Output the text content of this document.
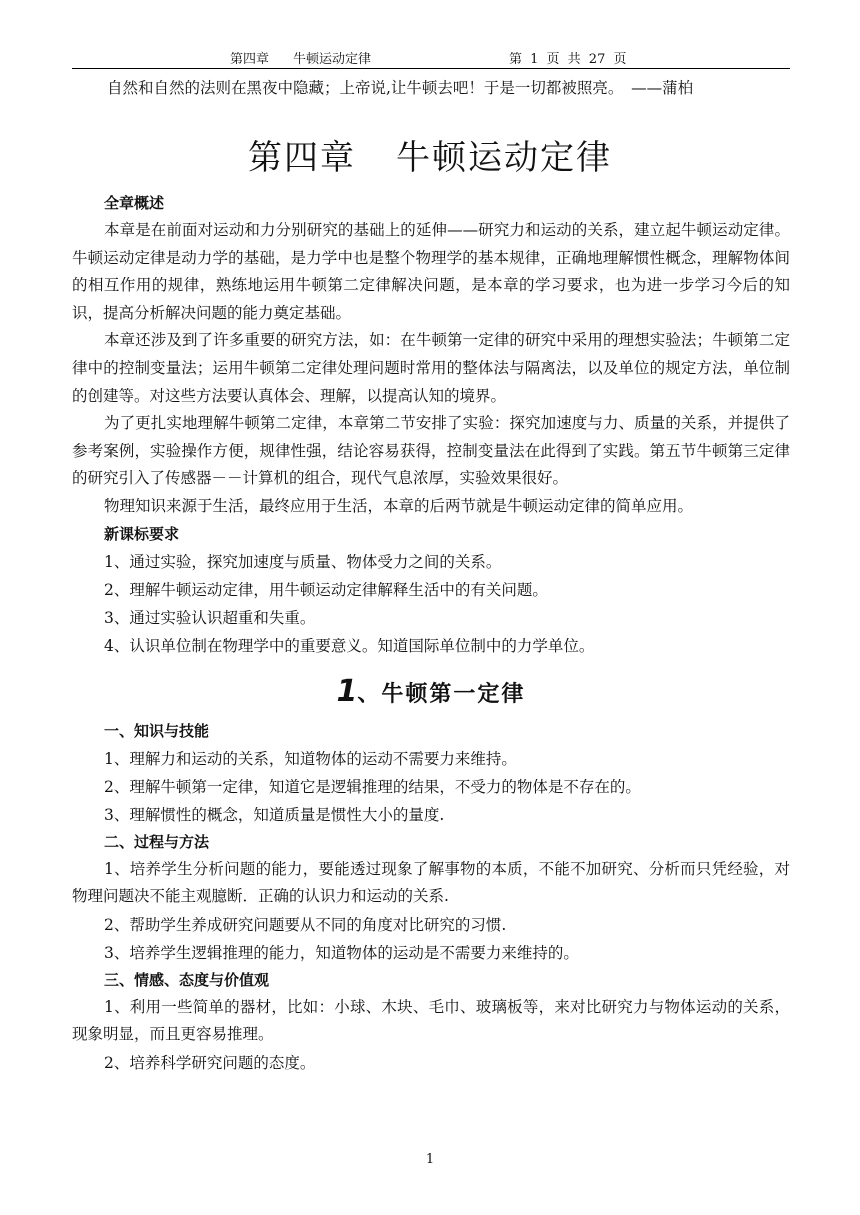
第四章 牛顿运动定律	第 1 页 共 27 页
自然和自然的法则在黑夜中隐藏；上帝说,让牛顿去吧！于是一切都被照亮。　——蒲柏
第四章 牛顿运动定律
全章概述

本章是在前面对运动和力分别研究的基础上的延伸——研究力和运动的关系，建立起牛顿运动定律。牛顿运动定律是动力学的基础，是力学中也是整个物理学的基本规律，正确地理解惯性概念，理解物体间的相互作用的规律，熟练地运用牛顿第二定律解决问题，是本章的学习要求，也为进一步学习今后的知识，提高分析解决问题的能力奠定基础。

本章还涉及到了许多重要的研究方法，如：在牛顿第一定律的研究中采用的理想实验法；牛顿第二定律中的控制变量法；运用牛顿第二定律处理问题时常用的整体法与隔离法，以及单位的规定方法，单位制的创建等。对这些方法要认真体会、理解，以提高认知的境界。

为了更扎实地理解牛顿第二定律，本章第二节安排了实验：探究加速度与力、质量的关系，并提供了参考案例，实验操作方便，规律性强，结论容易获得，控制变量法在此得到了实践。第五节牛顿第三定律的研究引入了传感器－－计算机的组合，现代气息浓厚，实验效果很好。

物理知识来源于生活，最终应用于生活，本章的后两节就是牛顿运动定律的简单应用。

新课标要求
1、通过实验，探究加速度与质量、物体受力之间的关系。
2、理解牛顿运动定律，用牛顿运动定律解释生活中的有关问题。
3、通过实验认识超重和失重。
4、认识单位制在物理学中的重要意义。知道国际单位制中的力学单位。
1、牛顿第一定律
一、知识与技能
1、理解力和运动的关系，知道物体的运动不需要力来维持。
2、理解牛顿第一定律，知道它是逻辑推理的结果，不受力的物体是不存在的。
3、理解惯性的概念，知道质量是惯性大小的量度.
二、过程与方法

1、培养学生分析问题的能力，要能透过现象了解事物的本质，不能不加研究、分析而只凭经验，对物理问题决不能主观臆断．正确的认识力和运动的关系.

2、帮助学生养成研究问题要从不同的角度对比研究的习惯.
3、培养学生逻辑推理的能力，知道物体的运动是不需要力来维持的。
三、情感、态度与价值观

1、利用一些简单的器材，比如：小球、木块、毛巾、玻璃板等，来对比研究力与物体运动的关系，现象明显，而且更容易推理。

2、培养科学研究问题的态度。
1
